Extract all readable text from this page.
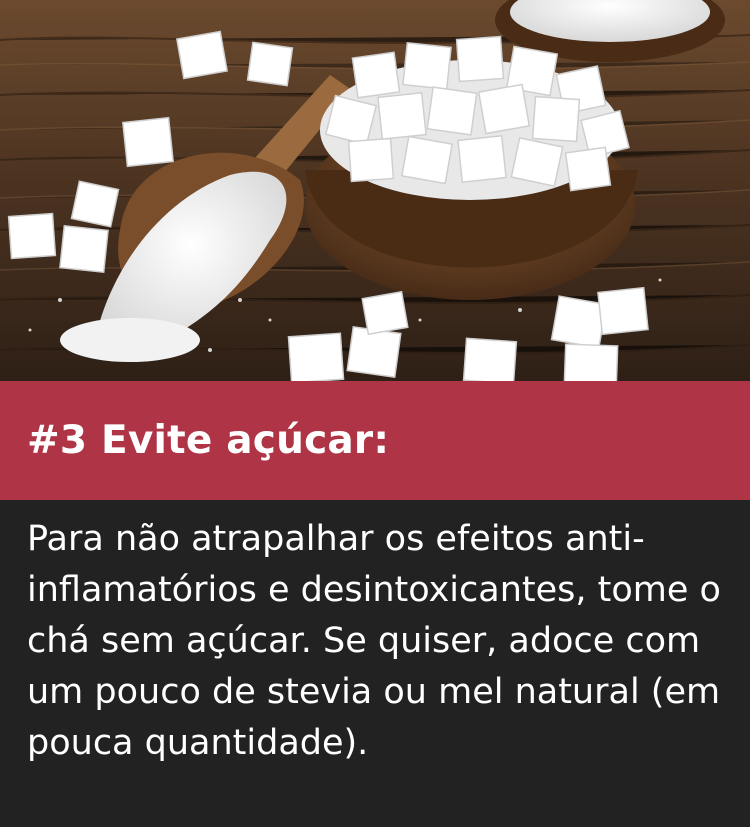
#3 Evite açúcar:

Para não atrapalhar os efeitos anti-inflamatórios e desintoxicantes, tome o chá sem açúcar. Se quiser, adoce com um pouco de stevia ou mel natural (em pouca quantidade).
